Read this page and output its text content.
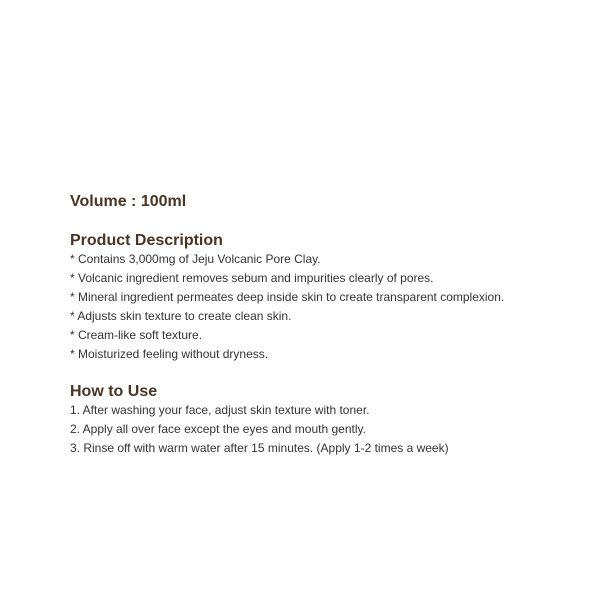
Volume : 100ml
Product Description
* Contains 3,000mg of Jeju Volcanic Pore Clay.
* Volcanic ingredient removes sebum and impurities clearly of pores.
* Mineral ingredient permeates deep inside skin to create transparent complexion.
* Adjusts skin texture to create clean skin.
* Cream-like soft texture.
* Moisturized feeling without dryness.
How to Use
1. After washing your face, adjust skin texture with toner.
2. Apply all over face except the eyes and mouth gently.
3. Rinse off with warm water after 15 minutes. (Apply 1-2 times a week)
